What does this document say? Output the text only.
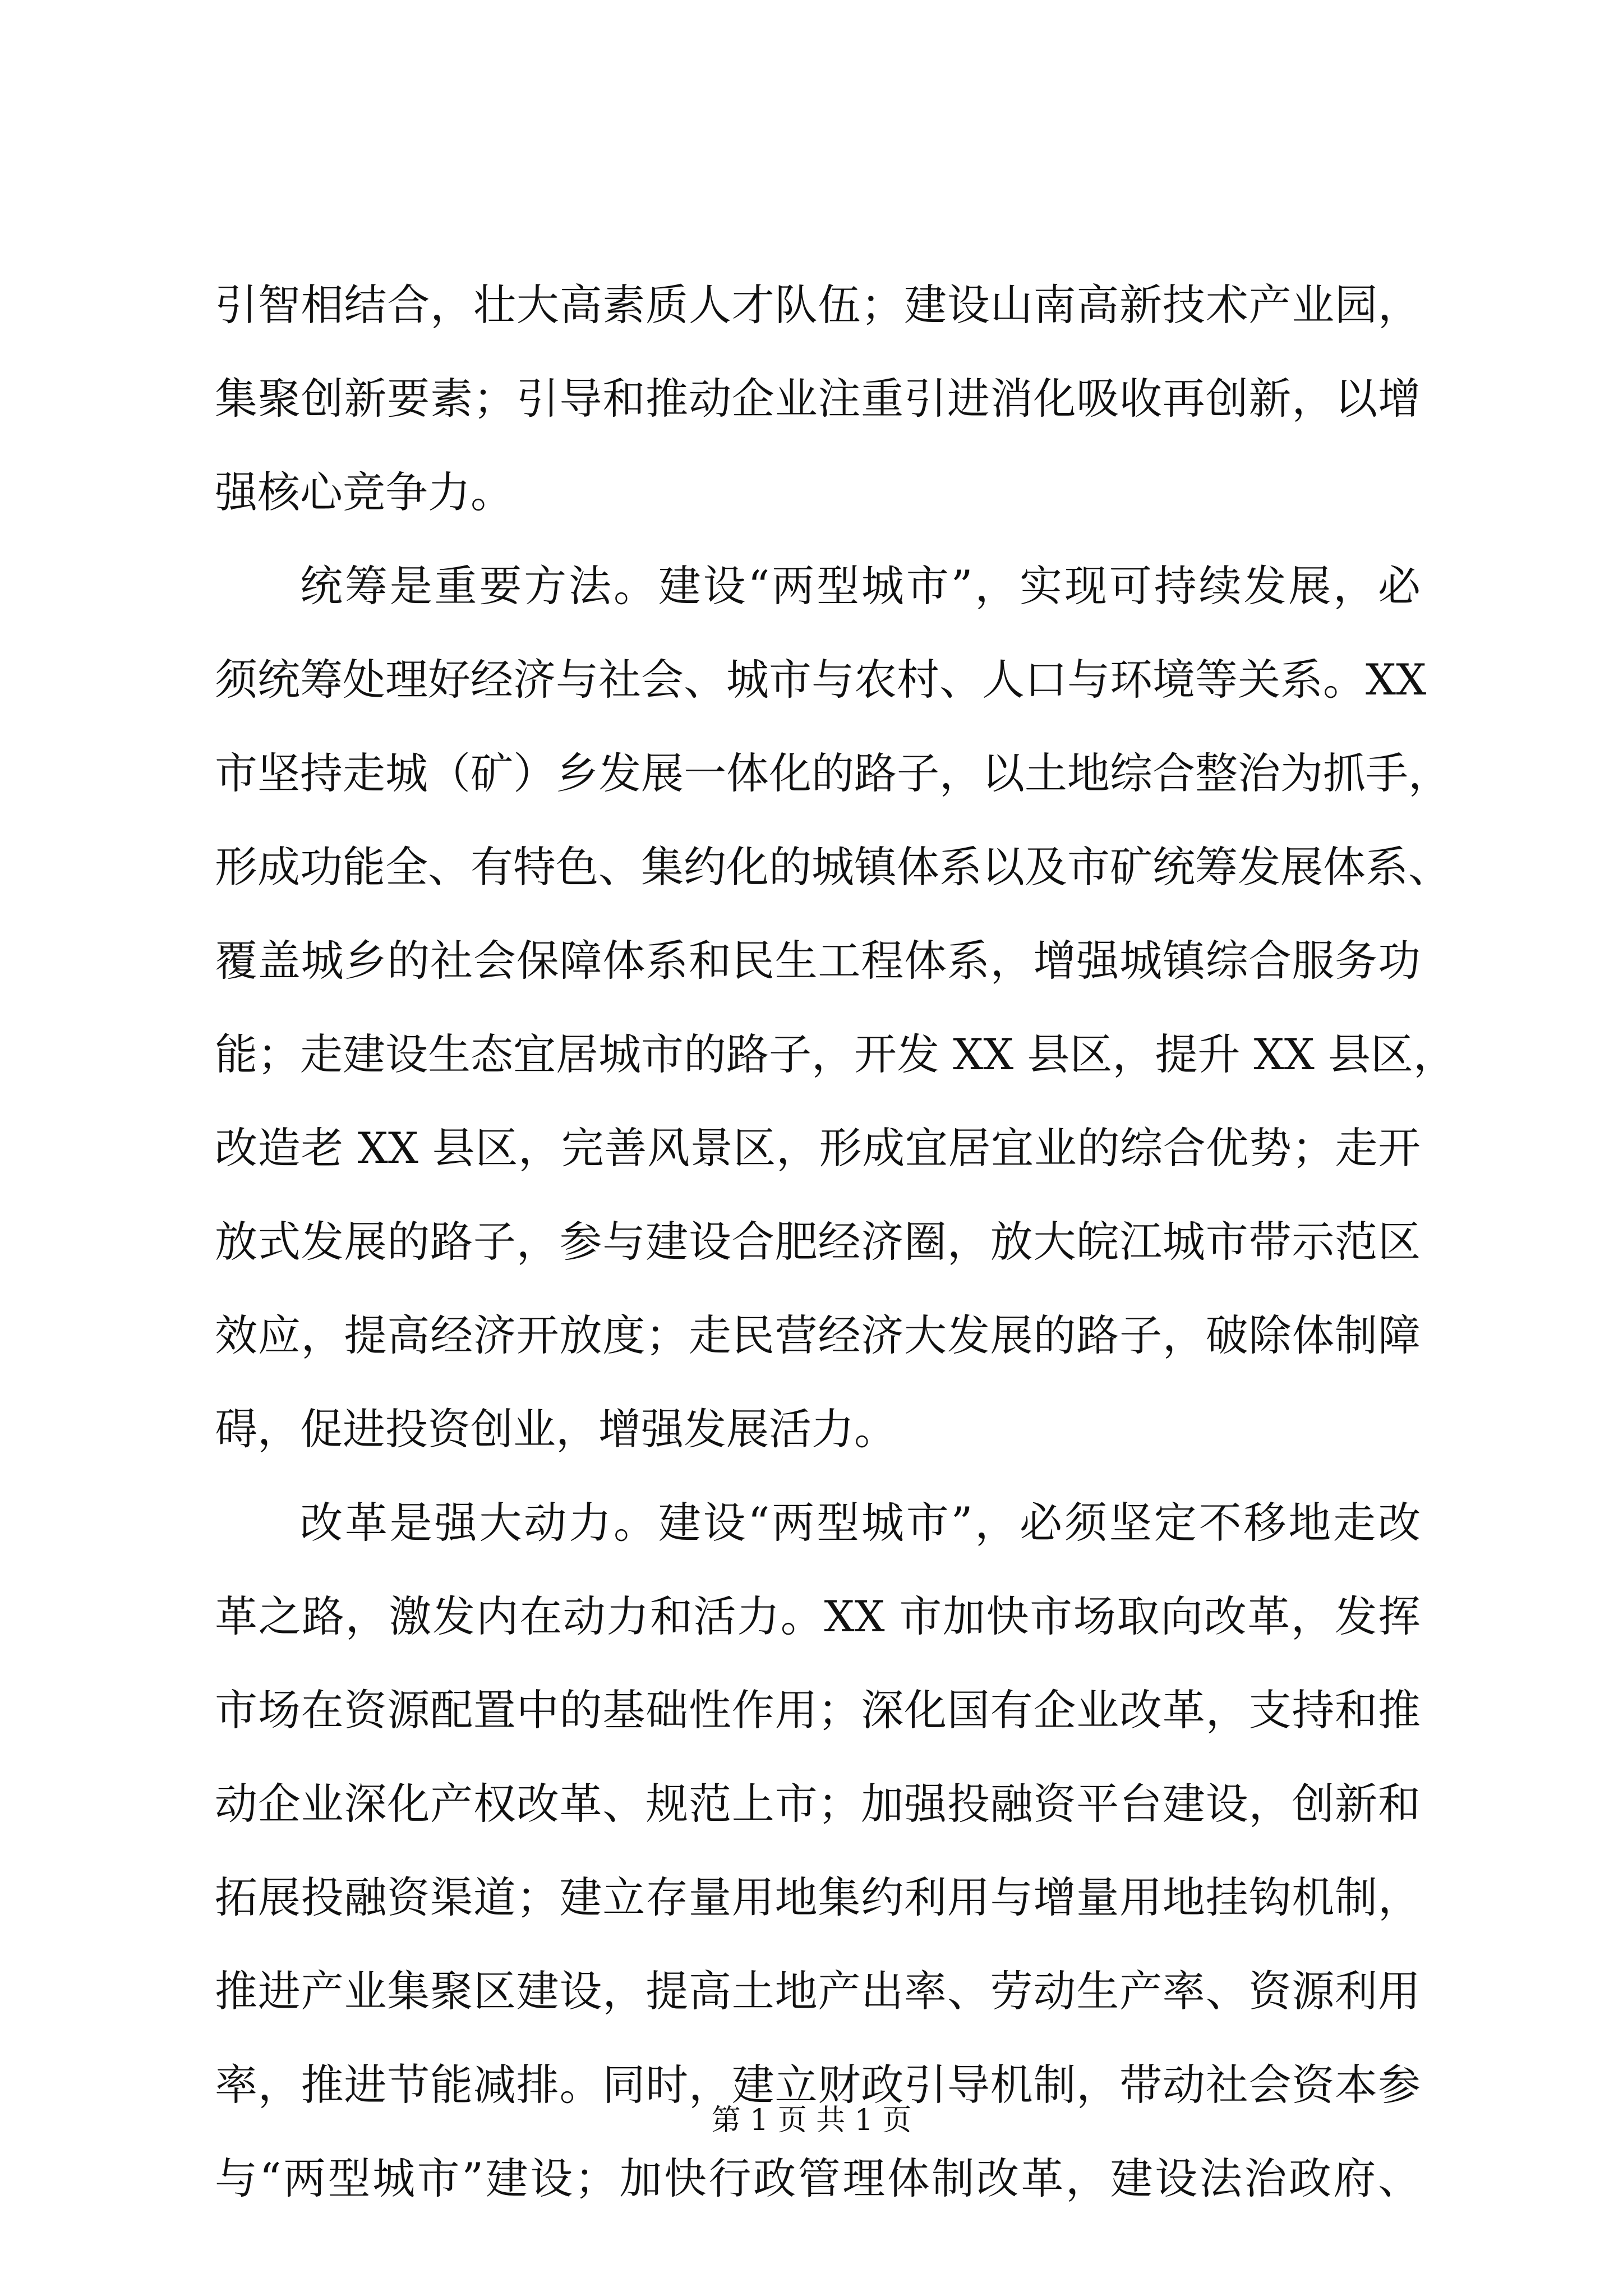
引智相结合，壮大高素质人才队伍；建设山南高新技术产业园，
集聚创新要素；引导和推动企业注重引进消化吸收再创新，以增
强核心竞争力。
统筹是重要方法。建设“两型城市”，实现可持续发展，必
须统筹处理好经济与社会、城市与农村、人口与环境等关系。XX
市坚持走城（矿）乡发展一体化的路子，以土地综合整治为抓手，
形成功能全、有特色、集约化的城镇体系以及市矿统筹发展体系、
覆盖城乡的社会保障体系和民生工程体系，增强城镇综合服务功
能；走建设生态宜居城市的路子，开发 XX 县区，提升 XX 县区，
改造老 XX 县区，完善风景区，形成宜居宜业的综合优势；走开
放式发展的路子，参与建设合肥经济圈，放大皖江城市带示范区
效应，提高经济开放度；走民营经济大发展的路子，破除体制障
碍，促进投资创业，增强发展活力。
改革是强大动力。建设“两型城市”，必须坚定不移地走改
革之路，激发内在动力和活力。XX 市加快市场取向改革，发挥
市场在资源配置中的基础性作用；深化国有企业改革，支持和推
动企业深化产权改革、规范上市；加强投融资平台建设，创新和
拓展投融资渠道；建立存量用地集约利用与增量用地挂钩机制，
推进产业集聚区建设，提高土地产出率、劳动生产率、资源利用
率，推进节能减排。同时，建立财政引导机制，带动社会资本参
与“两型城市”建设；加快行政管理体制改革，建设法治政府、
第 1 页 共 1 页
